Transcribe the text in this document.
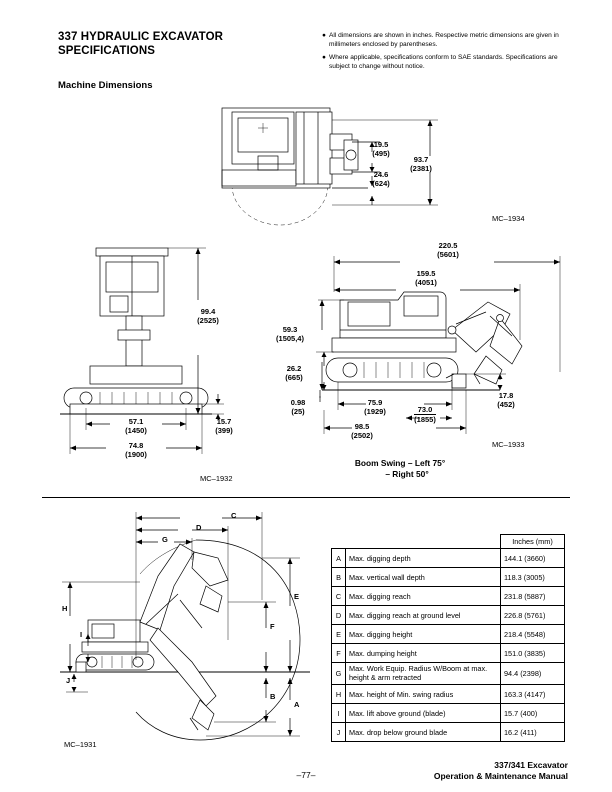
337 HYDRAULIC EXCAVATOR
SPECIFICATIONS

● All dimensions are shown in inches. Respective metric dimensions are given in millimeters enclosed by parentheses.

● Where applicable, specifications conform to SAE standards. Specifications are subject to change without notice.

Machine Dimensions
19.5
(495)
24.6
(624)
93.7
(2381)
MC–1934
99.4
(2525)
15.7
(399)
57.1
(1450)
74.8
(1900)
MC–1932
220.5
(5601)
159.5
(4051)
59.3
(1505,4)
26.2
(665)
0.98
(25)
75.9
(1929)	73.0
(1855)
98.5
(2502)
17.8
(452)
MC–1933
Boom Swing – Left 75°
– Right 50°
C
D
G
E
F
B
A
H
I
J
MC–1931
		Inches (mm)
A	Max. digging depth	144.1 (3660)
B	Max. vertical wall depth	118.3 (3005)
C	Max. digging reach	231.8 (5887)
D	Max. digging reach at ground level	226.8 (5761)
E	Max. digging height	218.4 (5548)
F	Max. dumping height	151.0 (3835)
G	Max. Work Equip. Radius W/Boom at max. height & arm retracted	94.4 (2398)
H	Max. height of Min. swing radius	163.3 (4147)
I	Max. lift above ground (blade)	15.7 (400)
J	Max. drop below ground blade	16.2 (411)
–77–
337/341 Excavator
Operation & Maintenance Manual
